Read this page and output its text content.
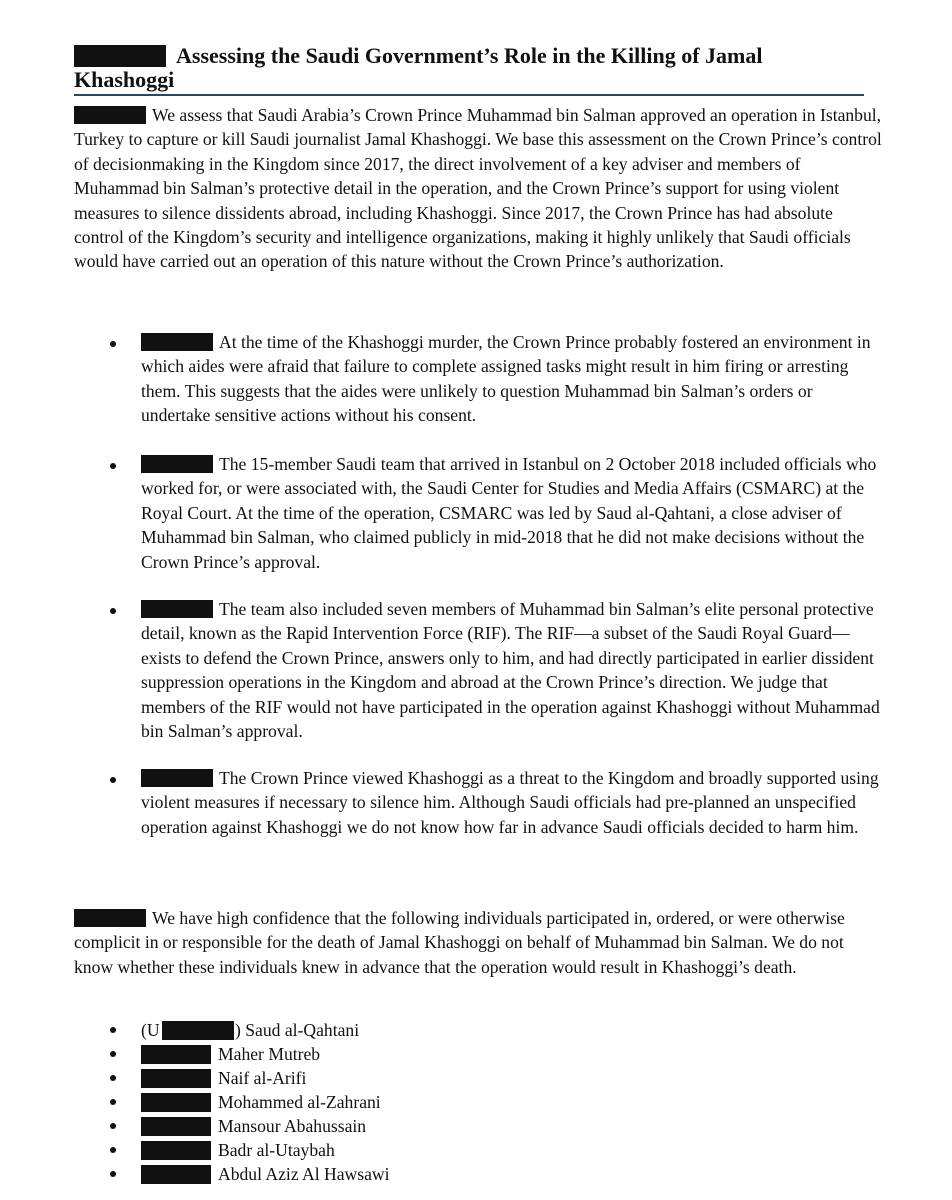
Assessing the Saudi Government’s Role in the Killing of Jamal Khashoggi

We assess that Saudi Arabia’s Crown Prince Muhammad bin Salman approved an operation in Istanbul, Turkey to capture or kill Saudi journalist Jamal Khashoggi. We base this assessment on the Crown Prince’s control of decisionmaking in the Kingdom since 2017, the direct involvement of a key adviser and members of Muhammad bin Salman’s protective detail in the operation, and the Crown Prince’s support for using violent measures to silence dissidents abroad, including Khashoggi. Since 2017, the Crown Prince has had absolute control of the Kingdom’s security and intelligence organizations, making it highly unlikely that Saudi officials would have carried out an operation of this nature without the Crown Prince’s authorization.

At the time of the Khashoggi murder, the Crown Prince probably fostered an environment in which aides were afraid that failure to complete assigned tasks might result in him firing or arresting them. This suggests that the aides were unlikely to question Muhammad bin Salman’s orders or undertake sensitive actions without his consent.

The 15-member Saudi team that arrived in Istanbul on 2 October 2018 included officials who worked for, or were associated with, the Saudi Center for Studies and Media Affairs (CSMARC) at the Royal Court. At the time of the operation, CSMARC was led by Saud al-Qahtani, a close adviser of Muhammad bin Salman, who claimed publicly in mid-2018 that he did not make decisions without the Crown Prince’s approval.

The team also included seven members of Muhammad bin Salman’s elite personal protective detail, known as the Rapid Intervention Force (RIF). The RIF—a subset of the Saudi Royal Guard—exists to defend the Crown Prince, answers only to him, and had directly participated in earlier dissident suppression operations in the Kingdom and abroad at the Crown Prince’s direction. We judge that members of the RIF would not have participated in the operation against Khashoggi without Muhammad bin Salman’s approval.

The Crown Prince viewed Khashoggi as a threat to the Kingdom and broadly supported using violent measures if necessary to silence him. Although Saudi officials had pre-planned an unspecified operation against Khashoggi we do not know how far in advance Saudi officials decided to harm him.

We have high confidence that the following individuals participated in, ordered, or were otherwise complicit in or responsible for the death of Jamal Khashoggi on behalf of Muhammad bin Salman. We do not know whether these individuals knew in advance that the operation would result in Khashoggi’s death.

(U	) Saud al-Qahtani
Maher Mutreb
Naif al-Arifi
Mohammed al-Zahrani
Mansour Abahussain
Badr al-Utaybah
Abdul Aziz Al Hawsawi
